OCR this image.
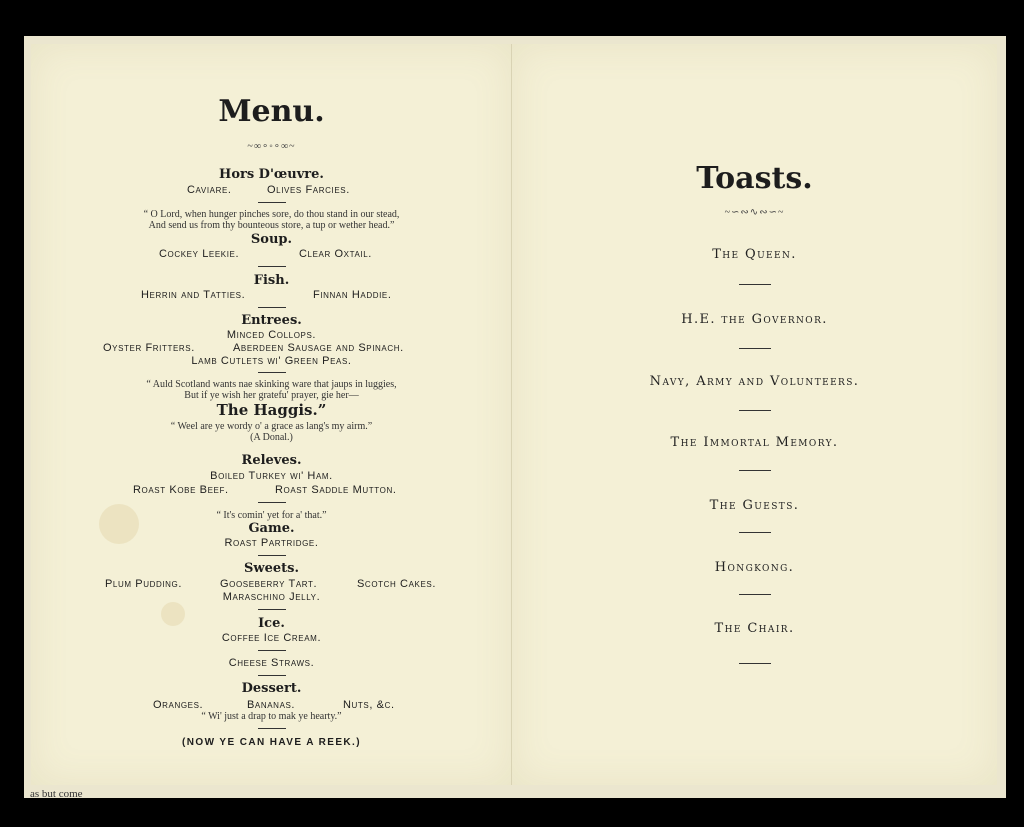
as but come
Menu.
~∞∘◦∘∞~
Hors D'œuvre.
Caviare.	Olives Farcies.
“ O Lord, when hunger pinches sore, do thou stand in our stead,
And send us from thy bounteous store, a tup or wether head.”
Soup.
Cockey Leekie.	Clear Oxtail.
Fish.
Herrin and Tatties.	Finnan Haddie.
Entrees.
Minced Collops.
Oyster Fritters.	Aberdeen Sausage and Spinach.
Lamb Cutlets wi' Green Peas.
“ Auld Scotland wants nae skinking ware that jaups in luggies,
But if ye wish her gratefu' prayer, gie her—
The Haggis.”
“ Weel are ye wordy o' a grace as lang's my airm.”
(A Donal.)
Releves.
Boiled Turkey wi' Ham.
Roast Kobe Beef.	Roast Saddle Mutton.
“ It's comin' yet for a' that.”
Game.
Roast Partridge.
Sweets.
Plum Pudding.	Gooseberry Tart.	Scotch Cakes.
Maraschino Jelly.
Ice.
Coffee Ice Cream.
Cheese Straws.
Dessert.
Oranges.	Bananas.	Nuts, &c.
“ Wi' just a drap to mak ye hearty.”
(NOW YE CAN HAVE A REEK.)
Toasts.
~∽∾∿∾∽~
The Queen.
H.E. the Governor.
Navy, Army and Volunteers.
The Immortal Memory.
The Guests.
Hongkong.
The Chair.
